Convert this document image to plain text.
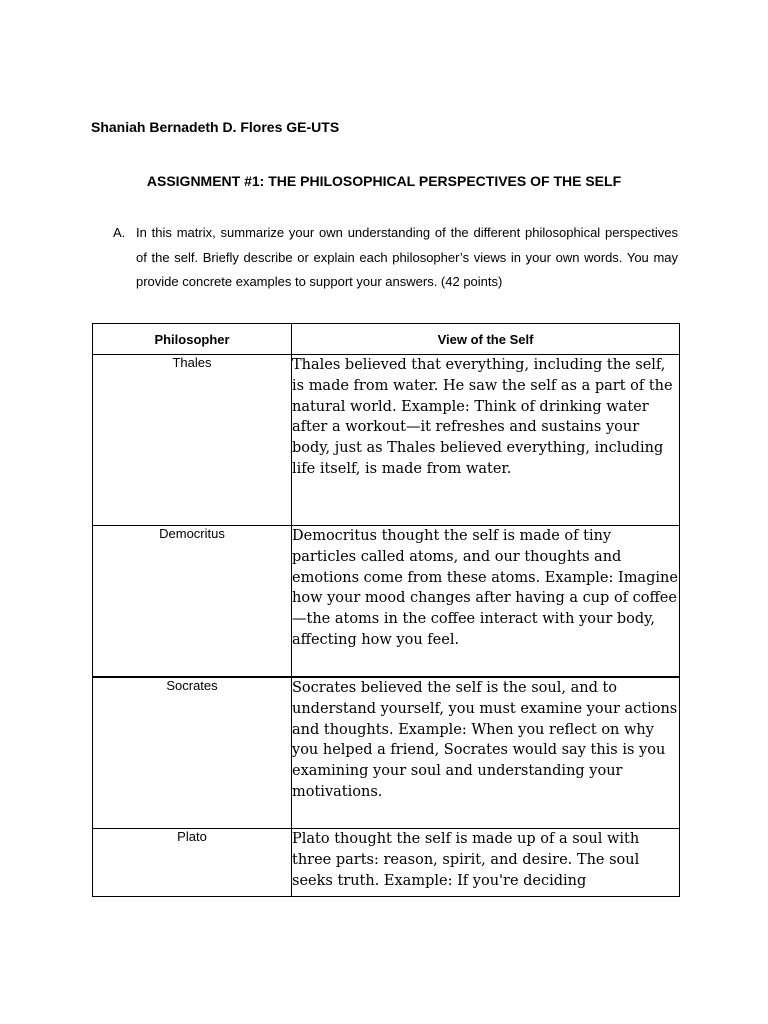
Shaniah Bernadeth D. Flores GE-UTS

ASSIGNMENT #1: THE PHILOSOPHICAL PERSPECTIVES OF THE SELF

A. In this matrix, summarize your own understanding of the different philosophical perspectives of the self. Briefly describe or explain each philosopher’s views in your own words. You may provide concrete examples to support your answers. (42 points)
Philosopher	View of the Self
Thales	Thales believed that everything, including the self, is made from water. He saw the self as a part of the natural world. Example: Think of drinking water after a workout—it refreshes and sustains your body, just as Thales believed everything, including life itself, is made from water.
Democritus	Democritus thought the self is made of tiny particles called atoms, and our thoughts and emotions come from these atoms. Example: Imagine how your mood changes after having a cup of coffee—the atoms in the coffee interact with your body, affecting how you feel.
Socrates	Socrates believed the self is the soul, and to understand yourself, you must examine your actions and thoughts. Example: When you reflect on why you helped a friend, Socrates would say this is you examining your soul and understanding your motivations.
Plato	Plato thought the self is made up of a soul with three parts: reason, spirit, and desire. The soul seeks truth. Example: If you're deciding
